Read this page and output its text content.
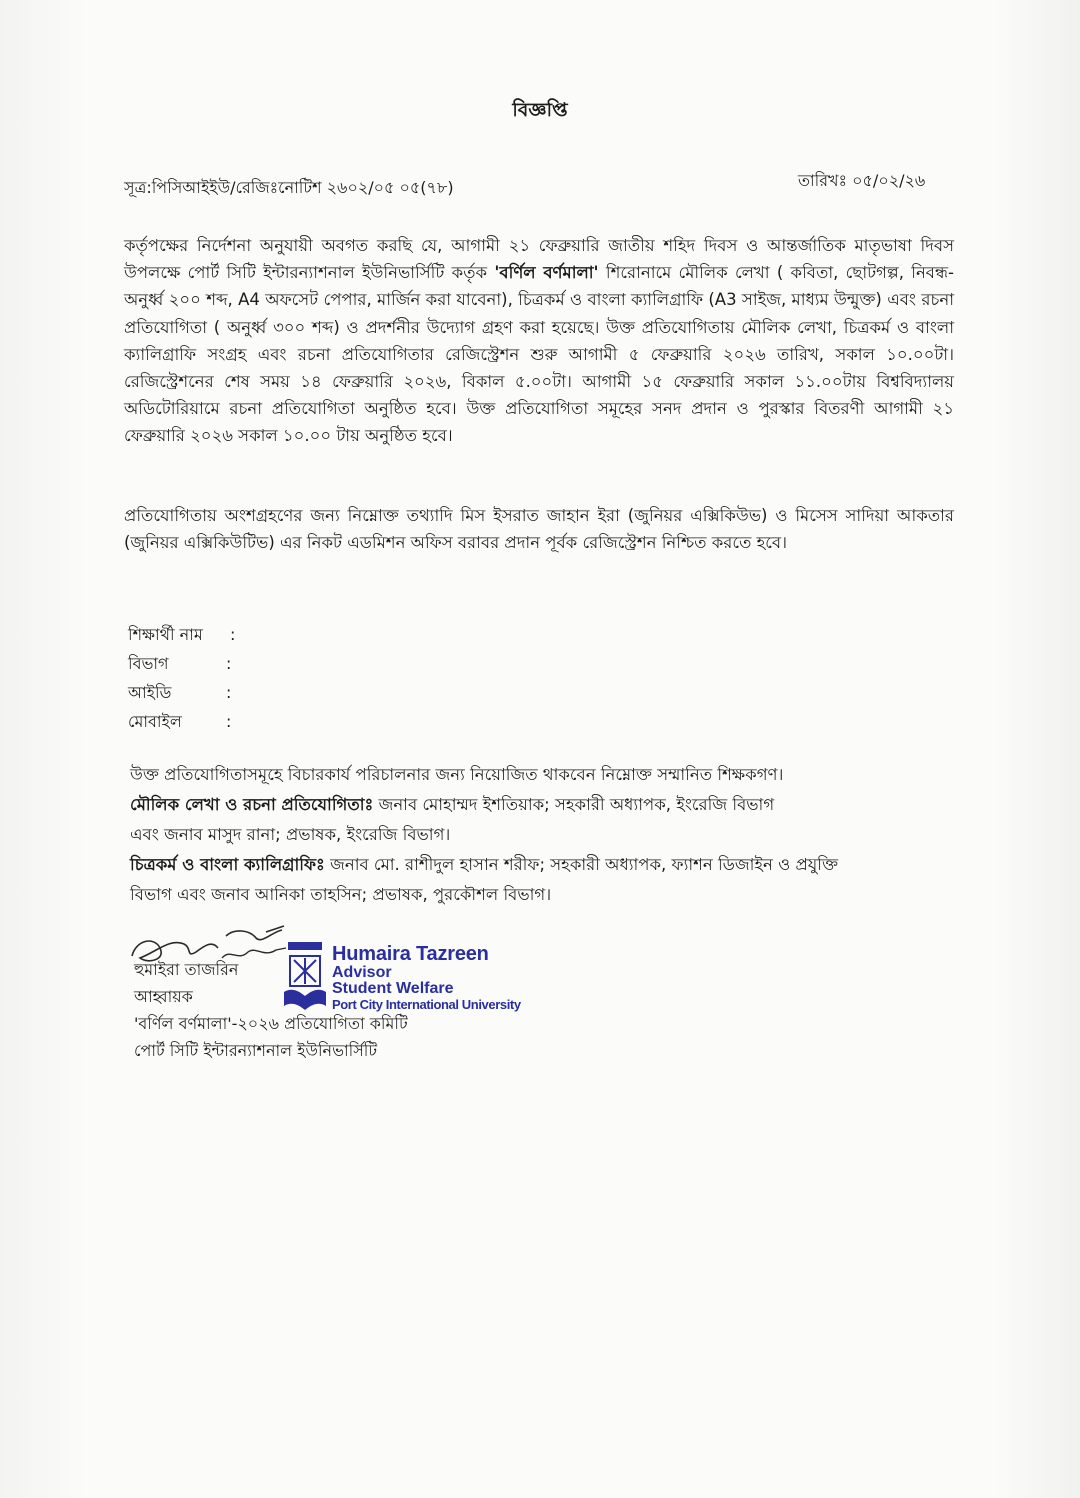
বিজ্ঞপ্তি
সূত্র:পিসিআইইউ/রেজিঃনোটিশ ২৬০২/০৫ ০৫(৭৮)	তারিখঃ ০৫/০২/২৬
কর্তৃপক্ষের নির্দেশনা অনুযায়ী অবগত করছি যে, আগামী ২১ ফেব্রুয়ারি জাতীয় শহিদ দিবস ও আন্তর্জাতিক মাতৃভাষা দিবস উপলক্ষে পোর্ট সিটি ইন্টারন্যাশনাল ইউনিভার্সিটি কর্তৃক 'বর্ণিল বর্ণমালা' শিরোনামে মৌলিক লেখা ( কবিতা, ছোটগল্প, নিবন্ধ- অনুর্ধ্ব ২০০ শব্দ, A4 অফসেট পেপার, মার্জিন করা যাবেনা), চিত্রকর্ম ও বাংলা ক্যালিগ্রাফি (A3 সাইজ, মাধ্যম উন্মুক্ত) এবং রচনা প্রতিযোগিতা ( অনুর্ধ্ব ৩০০ শব্দ) ও প্রদর্শনীর উদ্যোগ গ্রহণ করা হয়েছে। উক্ত প্রতিযোগিতায় মৌলিক লেখা, চিত্রকর্ম ও বাংলা ক্যালিগ্রাফি সংগ্রহ এবং রচনা প্রতিযোগিতার রেজিস্ট্রেশন শুরু আগামী ৫ ফেব্রুয়ারি ২০২৬ তারিখ, সকাল ১০.০০টা। রেজিস্ট্রেশনের শেষ সময় ১৪ ফেব্রুয়ারি ২০২৬, বিকাল ৫.০০টা। আগামী ১৫ ফেব্রুয়ারি সকাল ১১.০০টায় বিশ্ববিদ্যালয় অডিটোরিয়ামে রচনা প্রতিযোগিতা অনুষ্ঠিত হবে। উক্ত প্রতিযোগিতা সমূহের সনদ প্রদান ও পুরস্কার বিতরণী আগামী ২১ ফেব্রুয়ারি ২০২৬ সকাল ১০.০০ টায় অনুষ্ঠিত হবে।
প্রতিযোগিতায় অংশগ্রহণের জন্য নিম্নোক্ত তথ্যাদি মিস ইসরাত জাহান ইরা (জুনিয়র এক্সিকিউভ) ও মিসেস সাদিয়া আকতার (জুনিয়র এক্সিকিউটিভ) এর নিকট এডমিশন অফিস বরাবর প্রদান পূর্বক রেজিস্ট্রেশন নিশ্চিত করতে হবে।
শিক্ষার্থী নাম :
বিভাগ	:
আইডি	:
মোবাইল	:
উক্ত প্রতিযোগিতাসমূহে বিচারকার্য পরিচালনার জন্য নিয়োজিত থাকবেন নিম্নোক্ত সম্মানিত শিক্ষকগণ।
মৌলিক লেখা ও রচনা প্রতিযোগিতাঃ জনাব মোহাম্মদ ইশতিয়াক; সহকারী অধ্যাপক, ইংরেজি বিভাগ
এবং জনাব মাসুদ রানা; প্রভাষক, ইংরেজি বিভাগ।
চিত্রকর্ম ও বাংলা ক্যালিগ্রাফিঃ জনাব মো. রাশীদুল হাসান শরীফ; সহকারী অধ্যাপক, ফ্যাশন ডিজাইন ও প্রযুক্তি
বিভাগ এবং জনাব আনিকা তাহসিন; প্রভাষক, পুরকৌশল বিভাগ।
হুমাইরা তাজরিন
আহ্বায়ক
'বর্ণিল বর্ণমালা'-২০২৬ প্রতিযোগিতা কমিটি
পোর্ট সিটি ইন্টারন্যাশনাল ইউনিভার্সিটি
Humaira Tazreen
Advisor
Student Welfare
Port City International University
